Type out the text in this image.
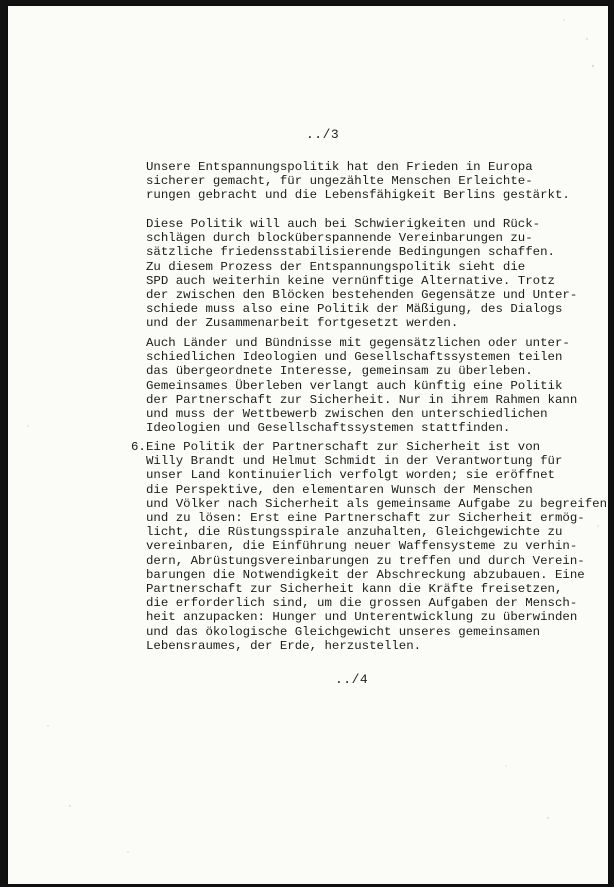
../3
Unsere Entspannungspolitik hat den Frieden in Europa
sicherer gemacht, für ungezählte Menschen Erleichte-
rungen gebracht und die Lebensfähigkeit Berlins gestärkt.
Diese Politik will auch bei Schwierigkeiten und Rück-
schlägen durch blocküberspannende Vereinbarungen zu-
sätzliche friedensstabilisierende Bedingungen schaffen.
Zu diesem Prozess der Entspannungspolitik sieht die
SPD auch weiterhin keine vernünftige Alternative. Trotz
der zwischen den Blöcken bestehenden Gegensätze und Unter-
schiede muss also eine Politik der Mäßigung, des Dialogs
und der Zusammenarbeit fortgesetzt werden.
Auch Länder und Bündnisse mit gegensätzlichen oder unter-
schiedlichen Ideologien und Gesellschaftssystemen teilen
das übergeordnete Interesse, gemeinsam zu überleben.
Gemeinsames Überleben verlangt auch künftig eine Politik
der Partnerschaft zur Sicherheit. Nur in ihrem Rahmen kann
und muss der Wettbewerb zwischen den unterschiedlichen
Ideologien und Gesellschaftssystemen stattfinden.
6. Eine Politik der Partnerschaft zur Sicherheit ist von
Willy Brandt und Helmut Schmidt in der Verantwortung für
unser Land kontinuierlich verfolgt worden; sie eröffnet
die Perspektive, den elementaren Wunsch der Menschen
und Völker nach Sicherheit als gemeinsame Aufgabe zu begreifen
und zu lösen: Erst eine Partnerschaft zur Sicherheit ermög-
licht, die Rüstungsspirale anzuhalten, Gleichgewichte zu
vereinbaren, die Einführung neuer Waffensysteme zu verhin-
dern, Abrüstungsvereinbarungen zu treffen und durch Verein-
barungen die Notwendigkeit der Abschreckung abzubauen. Eine
Partnerschaft zur Sicherheit kann die Kräfte freisetzen,
die erforderlich sind, um die grossen Aufgaben der Mensch-
heit anzupacken: Hunger und Unterentwicklung zu überwinden
und das ökologische Gleichgewicht unseres gemeinsamen
Lebensraumes, der Erde, herzustellen.
../4
